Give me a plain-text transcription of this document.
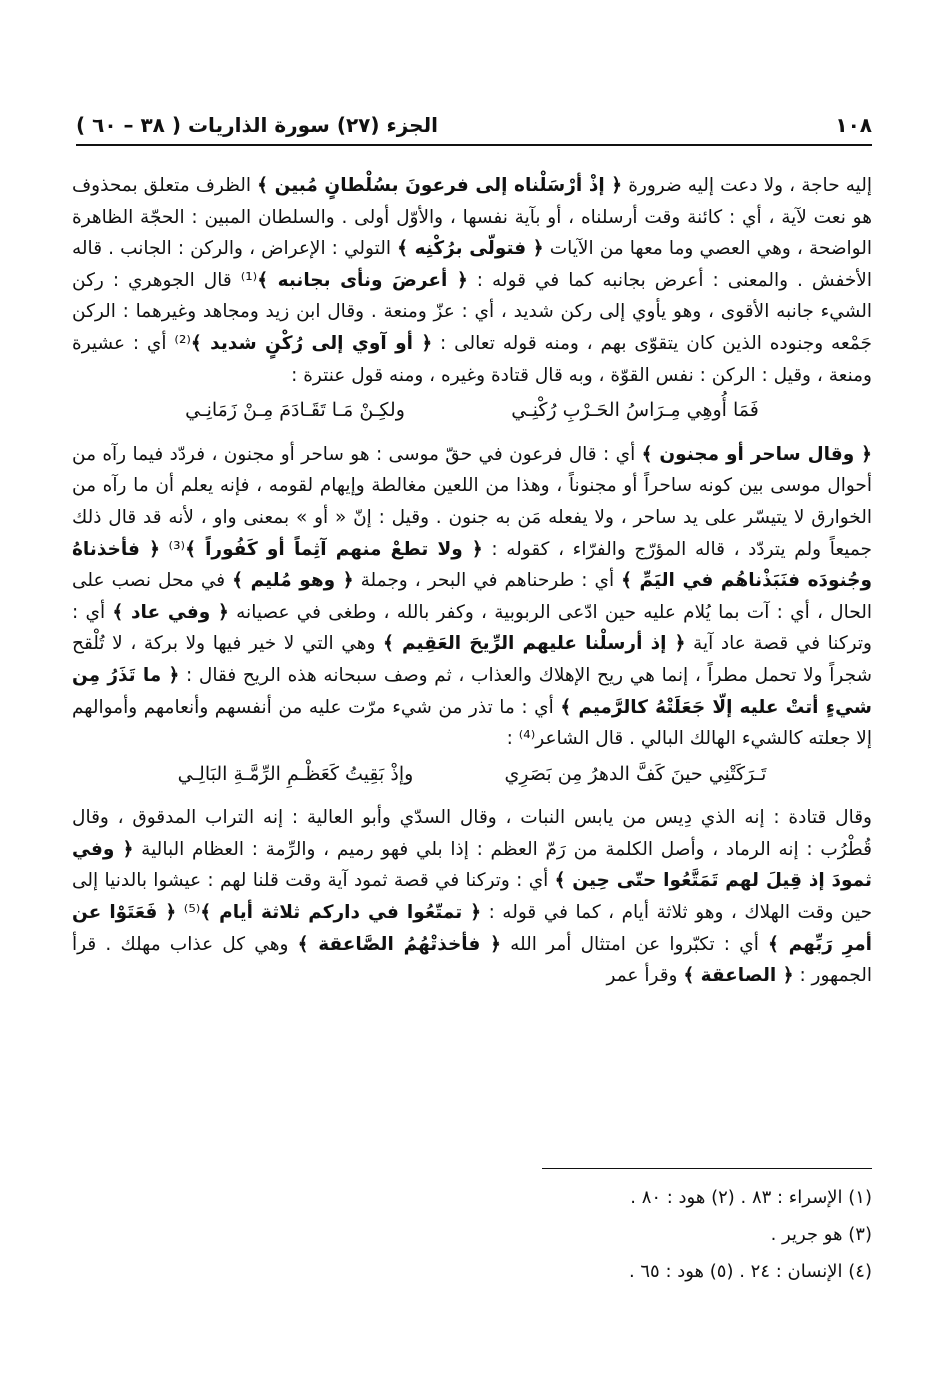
الجزء (٢٧) سورة الذاريات ( ٣٨ – ٦٠ )	١٠٨

إليه حاجة ، ولا دعت إليه ضرورة ﴿ إذْ أرْسَلْناه إلى فرعونَ بسُلْطانٍ مُبين ﴾ الظرف متعلق بمحذوف هو نعت لآية ، أي : كائنة وقت أرسلناه ، أو بآية نفسها ، والأوّل أولى . والسلطان المبين : الحجّة الظاهرة الواضحة ، وهي العصي وما معها من الآيات ﴿ فتولّى برُكْنِه ﴾ التولي : الإعراض ، والركن : الجانب . قاله الأخفش . والمعنى : أعرض بجانبه كما في قوله : ﴿ أعرضَ ونأى بجانبه ﴾⁽¹⁾ قال الجوهري : ركن الشيء جانبه الأقوى ، وهو يأوي إلى ركن شديد ، أي : عزّ ومنعة . وقال ابن زيد ومجاهد وغيرهما : الركن جَمْعه وجنوده الذين كان يتقوّى بهم ، ومنه قوله تعالى : ﴿ أو آوي إلى رُكْنٍ شديد ﴾⁽²⁾ أي : عشيرة ومنعة ، وقيل : الركن : نفس القوّة ، وبه قال قتادة وغيره ، ومنه قول عنترة :

فَمَا أُوهِي مِـرَاسُ الحَـرْبِ رُكْنِـي
ولكِـنْ مَـا تَقَـادَمَ مِـنْ زَمَانِـي

﴿ وقال ساحر أو مجنون ﴾ أي : قال فرعون في حقّ موسى : هو ساحر أو مجنون ، فردّد فيما رآه من أحوال موسى بين كونه ساحراً أو مجنوناً ، وهذا من اللعين مغالطة وإيهام لقومه ، فإنه يعلم أن ما رآه من الخوارق لا يتيسّر على يد ساحر ، ولا يفعله مَن به جنون . وقيل : إنّ « أو » بمعنى واو ، لأنه قد قال ذلك جميعاً ولم يتردّد ، قاله المؤرّج والفرّاء ، كقوله : ﴿ ولا تطعْ منهم آثِماً أو كَفُوراً ﴾⁽³⁾ ﴿ فأخذناهُ وجُنودَه فنَبَذْناهُم في اليَمِّ ﴾ أي : طرحناهم في البحر ، وجملة ﴿ وهو مُليم ﴾ في محل نصب على الحال ، أي : آت بما يُلام عليه حين ادّعى الربوبية ، وكفر بالله ، وطغى في عصيانه ﴿ وفي عاد ﴾ أي : وتركنا في قصة عاد آية ﴿ إذ أرسلْنا عليهم الرِّيحَ العَقِيم ﴾ وهي التي لا خير فيها ولا بركة ، لا تُلْقح شجراً ولا تحمل مطراً ، إنما هي ريح الإهلاك والعذاب ، ثم وصف سبحانه هذه الريح فقال : ﴿ ما تَذَرُ مِن شيءٍ أتتْ عليه إلّا جَعَلَتْهُ كالرَّميم ﴾ أي : ما تذر من شيء مرّت عليه من أنفسهم وأنعامهم وأموالهم إلا جعلته كالشيء الهالك البالي . قال الشاعر⁽⁴⁾ :

تَـرَكَتْنِي حينَ كَفَّ الدهرُ مِن بَصَرِي
وإذْ بَقِيتُ كَعَظْـمِ الرِّمَّـةِ البَالِـي

وقال قتادة : إنه الذي دِيس من يابس النبات ، وقال السدّي وأبو العالية : إنه التراب المدقوق ، وقال قُطْرُب : إنه الرماد ، وأصل الكلمة من رَمّ العظم : إذا بلي فهو رميم ، والرِّمة : العظام البالية ﴿ وفي ثمودَ إذ قِيلَ لهم تَمَتَّعُوا حتّى حِين ﴾ أي : وتركنا في قصة ثمود آية وقت قلنا لهم : عيشوا بالدنيا إلى حين وقت الهلاك ، وهو ثلاثة أيام ، كما في قوله : ﴿ تمتّعُوا في داركم ثلاثة أيام ﴾⁽⁵⁾ ﴿ فَعَتَوْا عن أمرِ رَبِّهم ﴾ أي : تكبّروا عن امتثال أمر الله ﴿ فأخذتْهُمُ الصَّاعقة ﴾ وهي كل عذاب مهلك . قرأ الجمهور : ﴿ الصاعقة ﴾ وقرأ عمر

(١) الإسراء : ٨٣ . (٢) هود : ٨٠ .
(٣) هو جرير .
(٤) الإنسان : ٢٤ . (٥) هود : ٦٥ .
